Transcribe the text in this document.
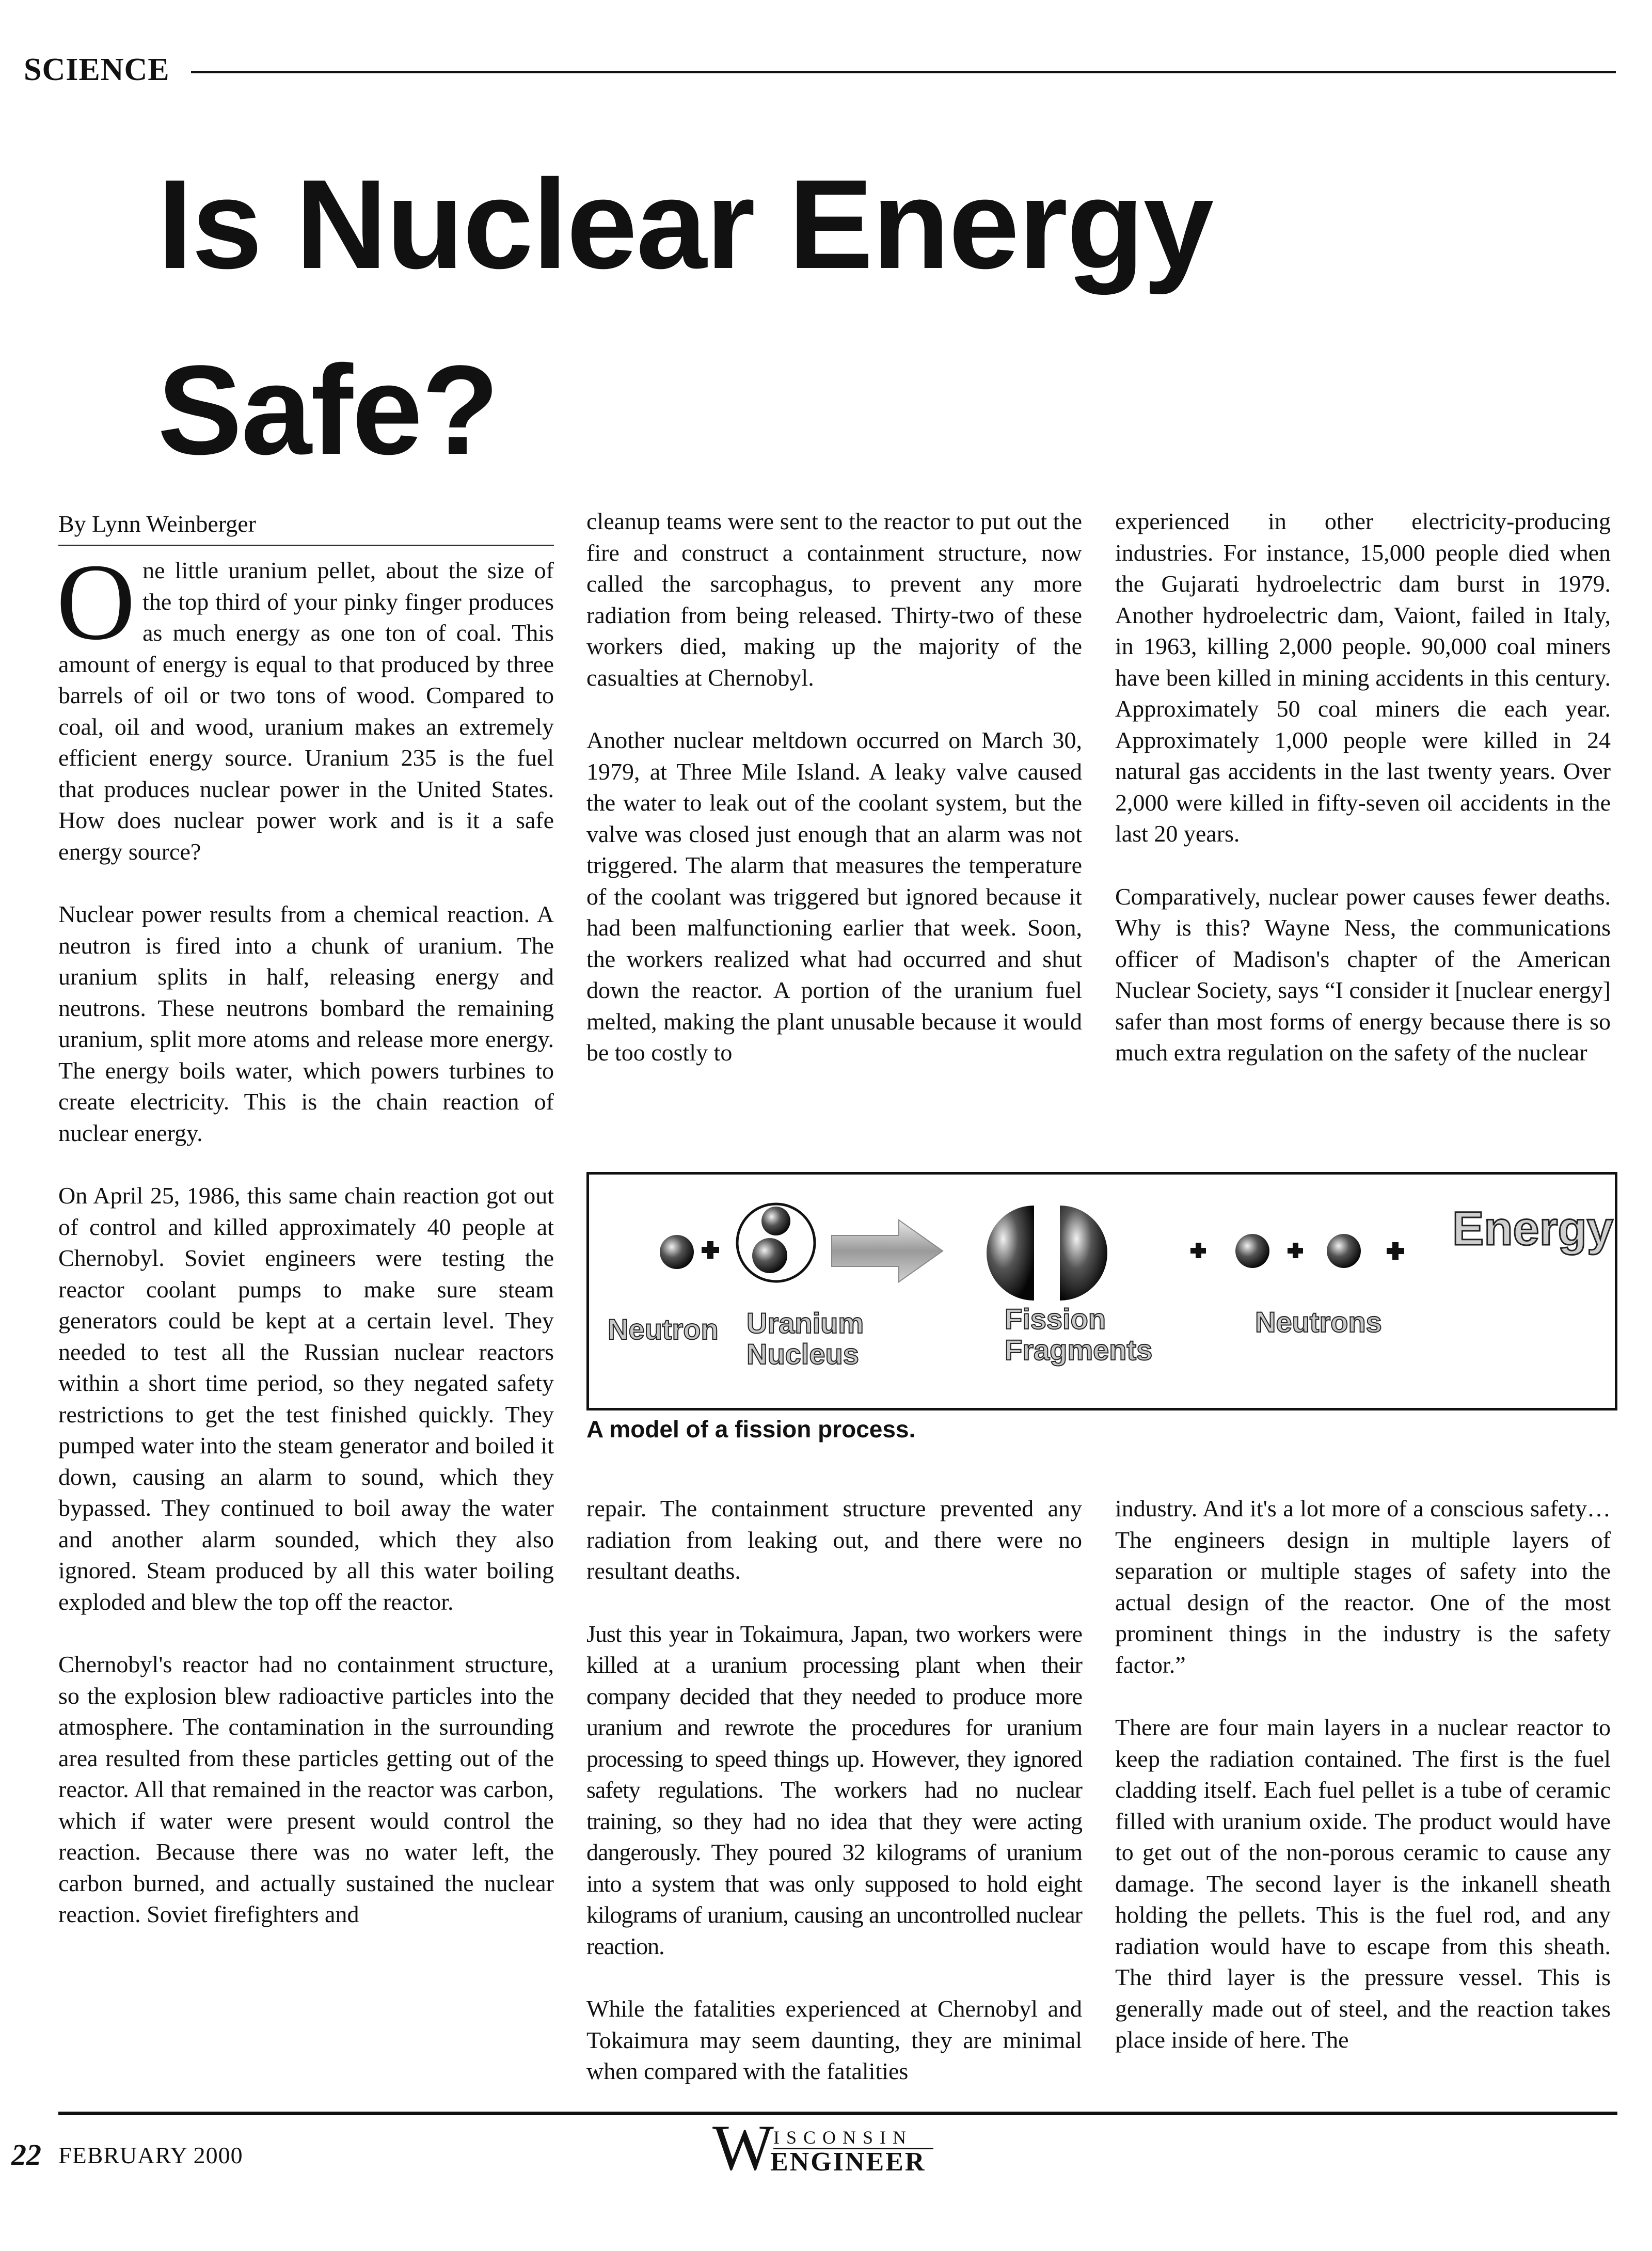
SCIENCE
Is Nuclear Energy
Safe?
By Lynn Weinberger

One little uranium pellet, about the size of the top third of your pinky finger produces as much energy as one ton of coal. This amount of energy is equal to that produced by three barrels of oil or two tons of wood. Compared to coal, oil and wood, uranium makes an extremely efficient energy source. Uranium 235 is the fuel that produces nuclear power in the United States. How does nuclear power work and is it a safe energy source?

Nuclear power results from a chemical reaction. A neutron is fired into a chunk of uranium. The uranium splits in half, releasing energy and neutrons. These neutrons bombard the remaining uranium, split more atoms and release more energy. The energy boils water, which powers turbines to create electricity. This is the chain reaction of nuclear energy.

On April 25, 1986, this same chain reaction got out of control and killed approximately 40 people at Chernobyl. Soviet engineers were testing the reactor coolant pumps to make sure steam generators could be kept at a certain level. They needed to test all the Russian nuclear reactors within a short time period, so they negated safety restrictions to get the test finished quickly. They pumped water into the steam generator and boiled it down, causing an alarm to sound, which they bypassed. They continued to boil away the water and another alarm sounded, which they also ignored. Steam produced by all this water boiling exploded and blew the top off the reactor.

Chernobyl's reactor had no containment structure, so the explosion blew radioactive particles into the atmosphere. The contamination in the surrounding area resulted from these particles getting out of the reactor. All that remained in the reactor was carbon, which if water were present would control the reaction. Because there was no water left, the carbon burned, and actually sustained the nuclear reaction. Soviet firefighters and

cleanup teams were sent to the reactor to put out the fire and construct a containment structure, now called the sarcophagus, to prevent any more radiation from being released. Thirty-two of these workers died, making up the majority of the casualties at Chernobyl.

Another nuclear meltdown occurred on March 30, 1979, at Three Mile Island. A leaky valve caused the water to leak out of the coolant system, but the valve was closed just enough that an alarm was not triggered. The alarm that measures the temperature of the coolant was triggered but ignored because it had been malfunctioning earlier that week. Soon, the workers realized what had occurred and shut down the reactor. A portion of the uranium fuel melted, making the plant unusable because it would be too costly to

experienced in other electricity-producing industries. For instance, 15,000 people died when the Gujarati hydroelectric dam burst in 1979. Another hydroelectric dam, Vaiont, failed in Italy, in 1963, killing 2,000 people. 90,000 coal miners have been killed in mining accidents in this century. Approximately 50 coal miners die each year. Approximately 1,000 people were killed in 24 natural gas accidents in the last twenty years. Over 2,000 were killed in fifty-seven oil accidents in the last 20 years.

Comparatively, nuclear power causes fewer deaths. Why is this? Wayne Ness, the communications officer of Madison's chapter of the American Nuclear Society, says “I consider it [nuclear energy] safer than most forms of energy because there is so much extra regulation on the safety of the nuclear

Neutron Uranium
Nucleus
Fission
Fragments
Neutrons
Energy
A model of a fission process.

repair. The containment structure prevented any radiation from leaking out, and there were no resultant deaths.

Just this year in Tokaimura, Japan, two workers were killed at a uranium processing plant when their company decided that they needed to produce more uranium and rewrote the procedures for uranium processing to speed things up. However, they ignored safety regulations. The workers had no nuclear training, so they had no idea that they were acting dangerously. They poured 32 kilograms of uranium into a system that was only supposed to hold eight kilograms of uranium, causing an uncontrolled nuclear reaction.

While the fatalities experienced at Chernobyl and Tokaimura may seem daunting, they are minimal when compared with the fatalities

industry. And it's a lot more of a conscious safety… The engineers design in multiple layers of separation or multiple stages of safety into the actual design of the reactor. One of the most prominent things in the industry is the safety factor.”

There are four main layers in a nuclear reactor to keep the radiation contained. The first is the fuel cladding itself. Each fuel pellet is a tube of ceramic filled with uranium oxide. The product would have to get out of the non-porous ceramic to cause any damage. The second layer is the inkanell sheath holding the pellets. This is the fuel rod, and any radiation would have to escape from this sheath. The third layer is the pressure vessel. This is generally made out of steel, and the reaction takes place inside of here. The

22 FEBRUARY 2000	W ISCONSIN
ENGINEER
